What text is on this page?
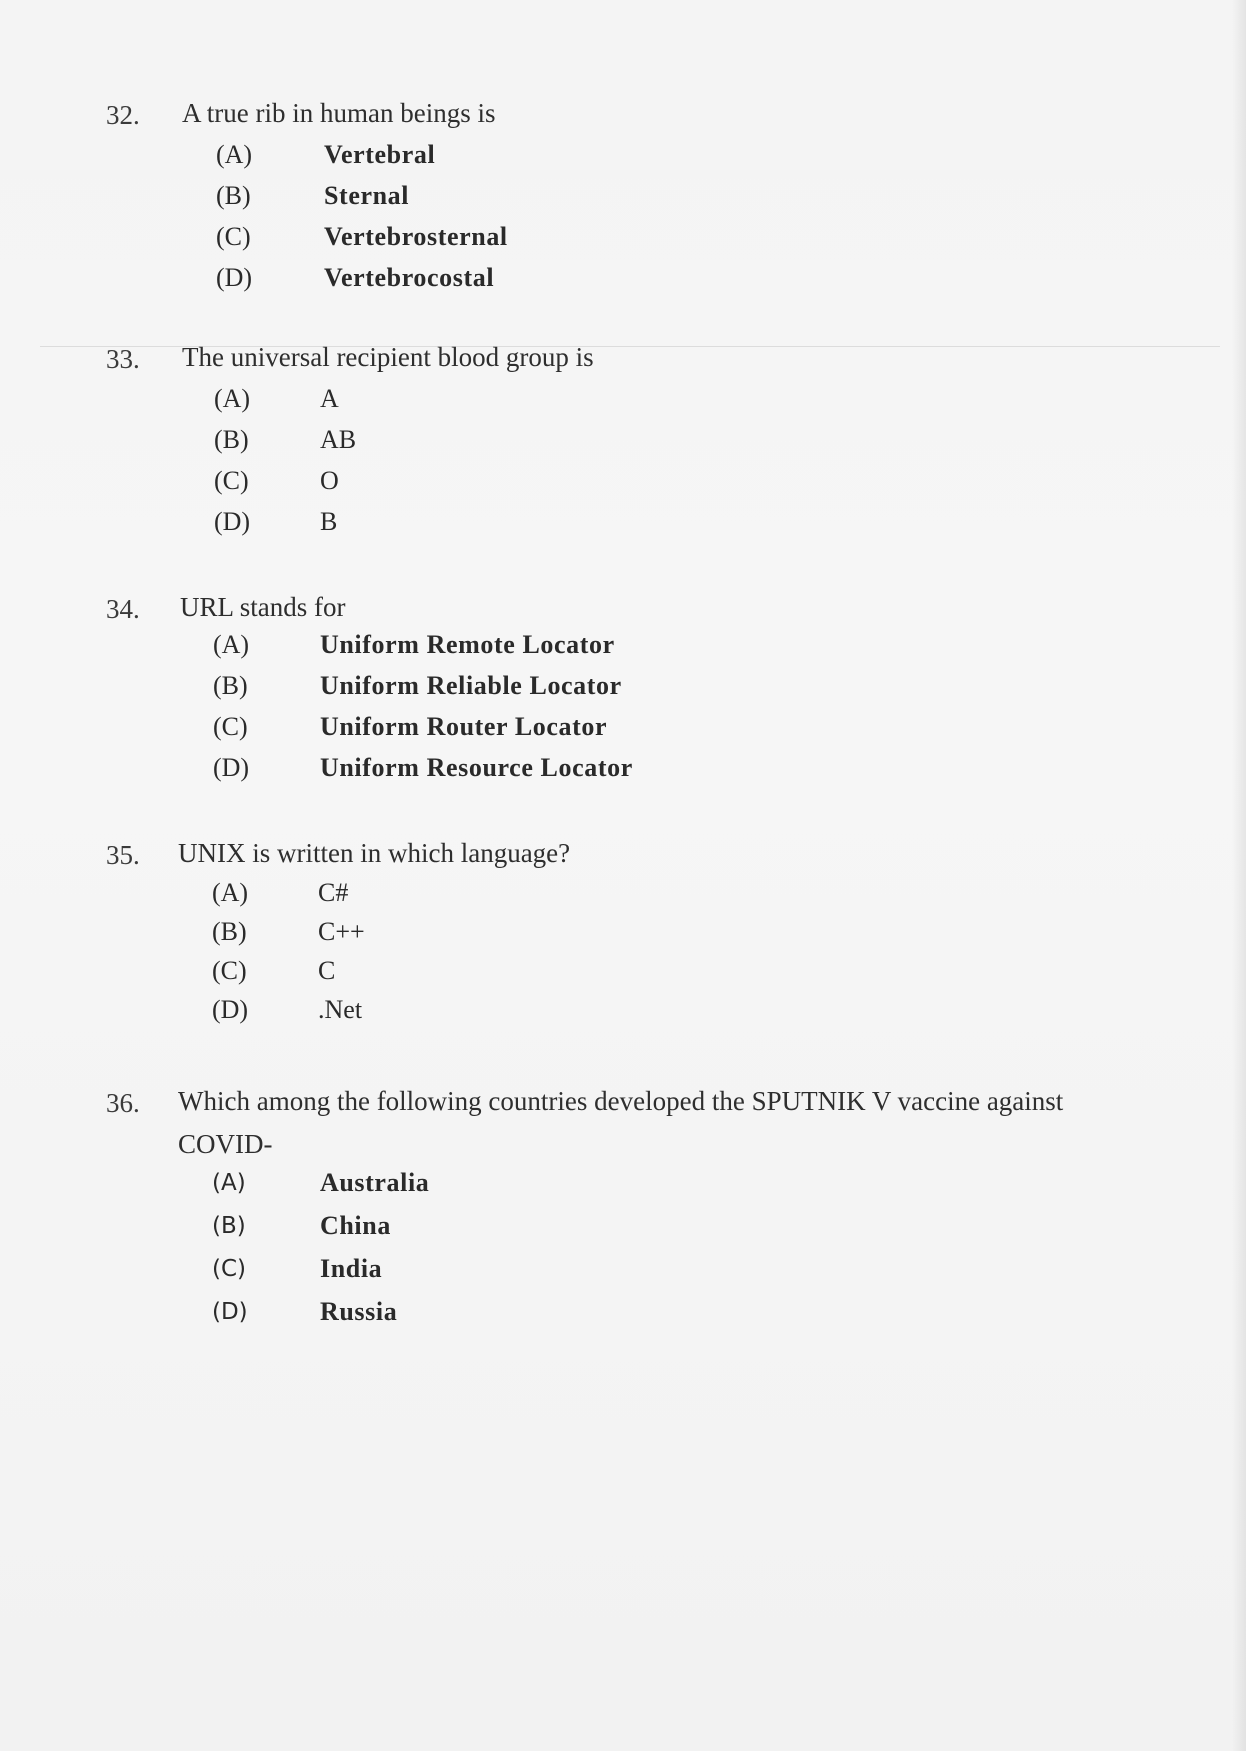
32. A true rib in human beings is
(A)	Vertebral
(B)	Sternal
(C)	Vertebrosternal
(D)	Vertebrocostal
33. The universal recipient blood group is
(A)	A
(B)	AB
(C)	O
(D)	B
34. URL stands for
(A)	Uniform Remote Locator
(B)	Uniform Reliable Locator
(C)	Uniform Router Locator
(D)	Uniform Resource Locator
35. UNIX is written in which language?
(A)	C#
(B)	C++
(C)	C
(D)	.Net
36. Which among the following countries developed the SPUTNIK V vaccine against COVID-
(A)	Australia
(B)	China
(C)	India
(D)	Russia
